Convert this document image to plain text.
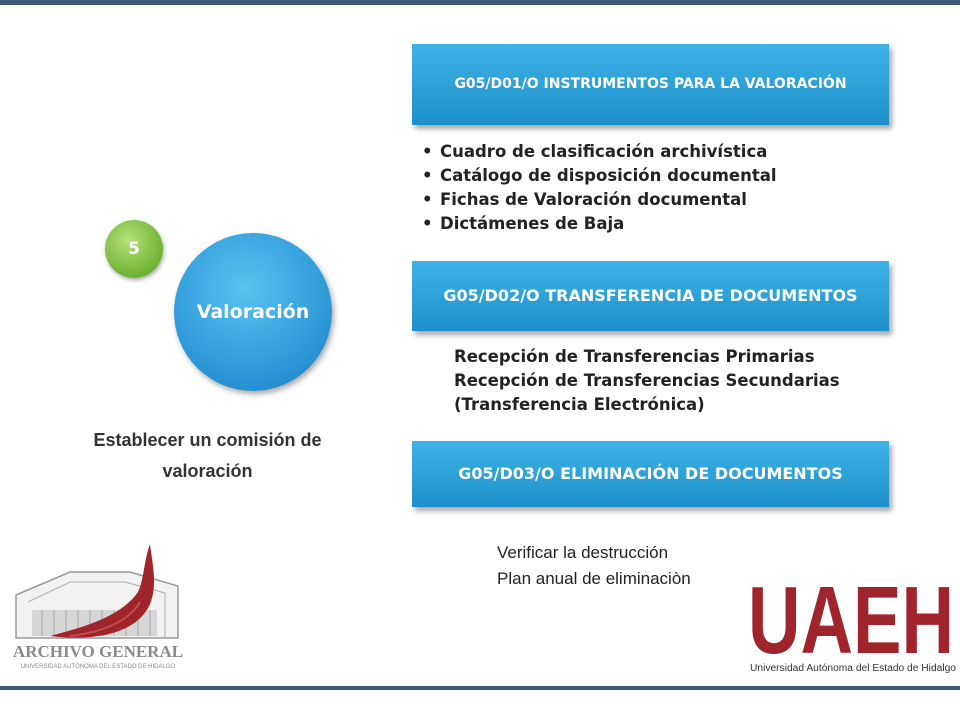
G05/D01/O INSTRUMENTOS PARA LA VALORACIÓN
• Cuadro de clasificación archivística
• Catálogo de disposición documental
• Fichas de Valoración documental
• Dictámenes de Baja
G05/D02/O TRANSFERENCIA DE DOCUMENTOS
Recepción de Transferencias Primarias
Recepción de Transferencias Secundarias
(Transferencia Electrónica)
G05/D03/O ELIMINACIÓN DE DOCUMENTOS
Verificar la destrucción
Plan anual de eliminaciòn
Valoración
5
Establecer un comisión de valoración
ARCHIVO GENERAL
UNIVERSIDAD AUTÓNOMA DEL ESTADO DE HIDALGO	UAEH
Universidad Autónoma del Estado de Hidalgo
